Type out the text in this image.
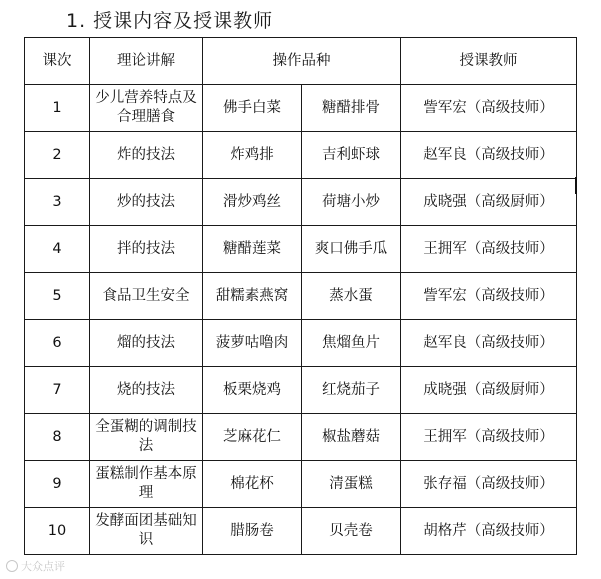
1. 授课内容及授课教师
课次	理论讲解	操作品种		授课教师
1	少儿营养特点及合理膳食	佛手白菜	糖醋排骨	訾军宏（高级技师）
2	炸的技法	炸鸡排	吉利虾球	赵军良（高级技师）
3	炒的技法	滑炒鸡丝	荷塘小炒	成晓强（高级厨师）
4	拌的技法	糖醋莲菜	爽口佛手瓜	王拥军（高级技师）
5	食品卫生安全	甜糯素燕窝	蒸水蛋	訾军宏（高级技师）
6	熘的技法	菠萝咕噜肉	焦熘鱼片	赵军良（高级技师）
7	烧的技法	板栗烧鸡	红烧茄子	成晓强（高级厨师）
8	全蛋糊的调制技法	芝麻花仁	椒盐蘑菇	王拥军（高级技师）
9	蛋糕制作基本原理	棉花杯	清蛋糕	张存福（高级技师）
10	发酵面团基础知识	腊肠卷	贝壳卷	胡格芹（高级技师）
大众点评
